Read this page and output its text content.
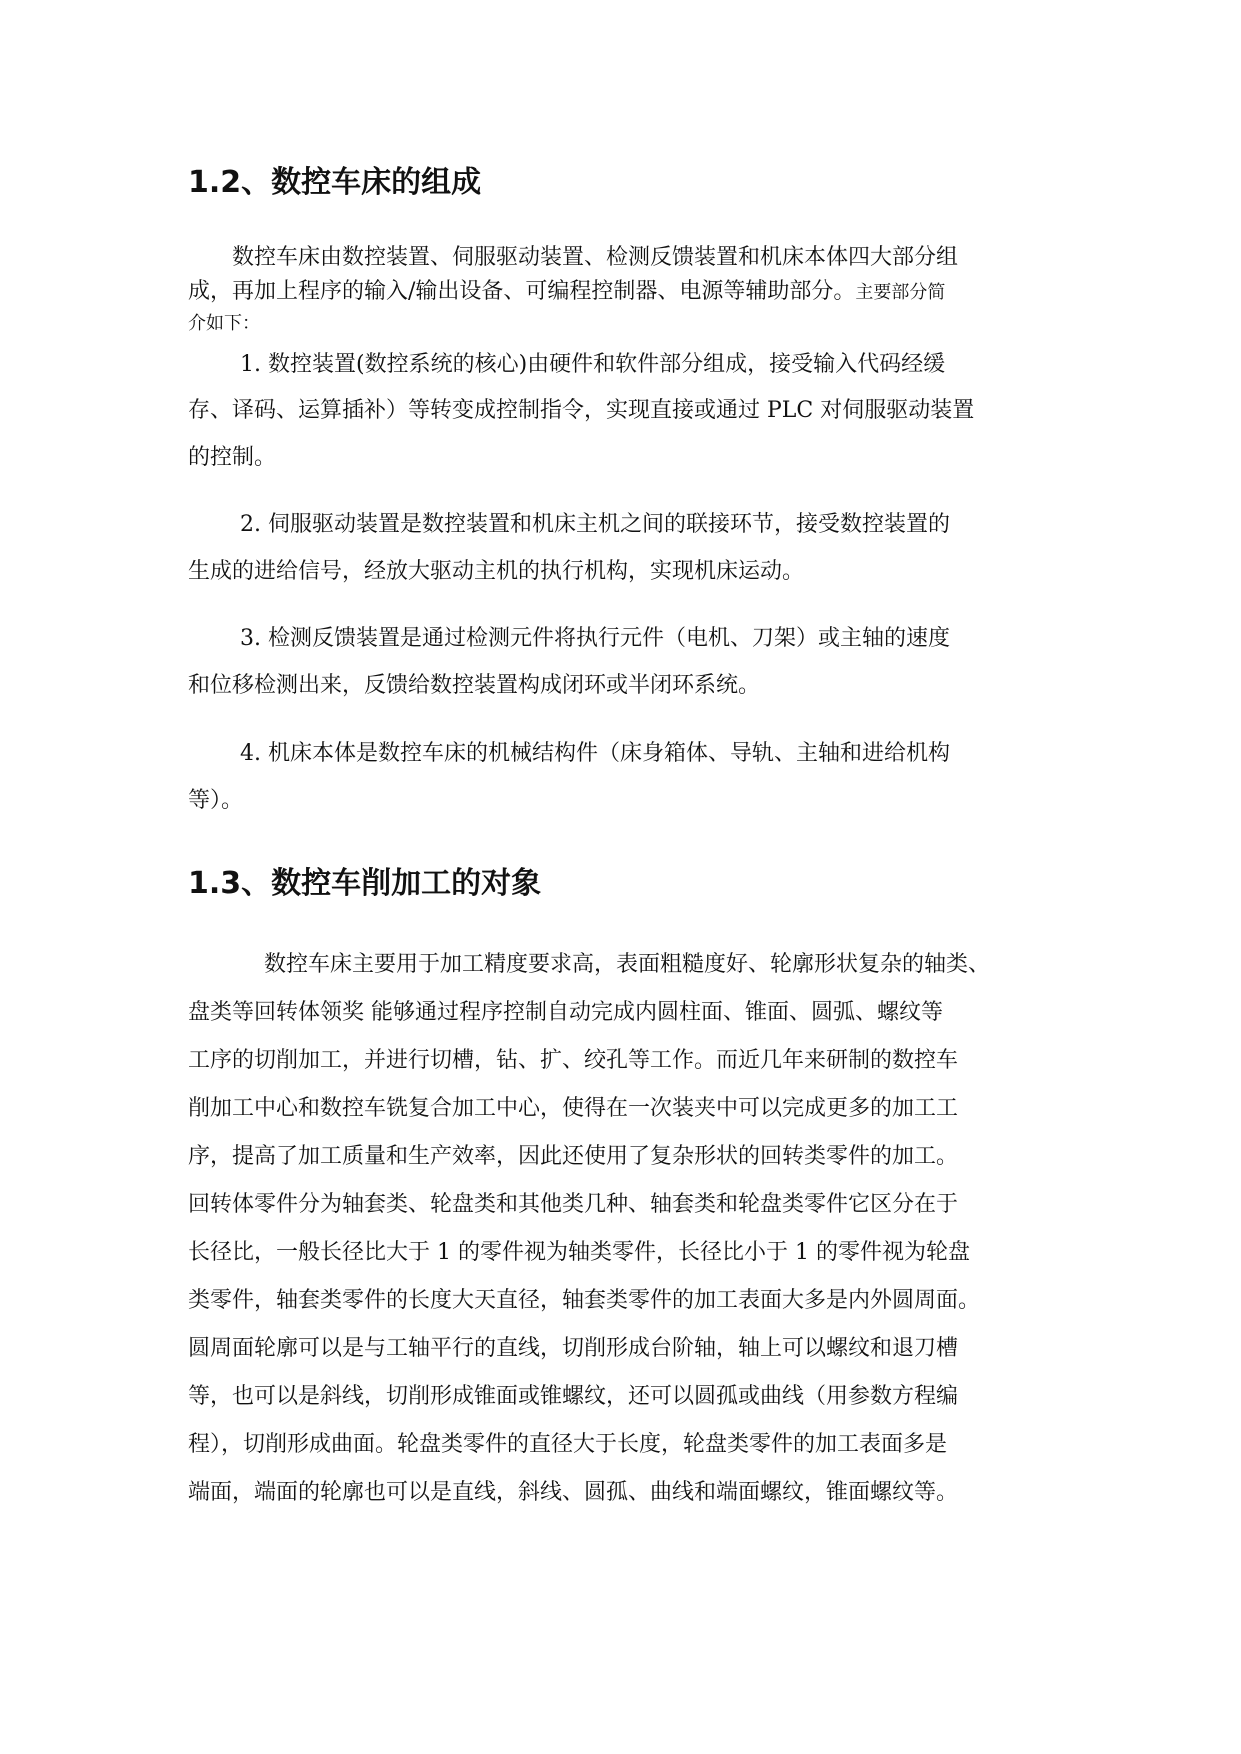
1.2、数控车床的组成

数控车床由数控装置、伺服驱动装置、检测反馈装置和机床本体四大部分组

成，再加上程序的输入/输出设备、可编程控制器、电源等辅助部分。主要部分简

介如下：

1. 数控装置(数控系统的核心)由硬件和软件部分组成，接受输入代码经缓

存、译码、运算插补）等转变成控制指令，实现直接或通过 PLC 对伺服驱动装置

的控制。

2. 伺服驱动装置是数控装置和机床主机之间的联接环节，接受数控装置的

生成的进给信号，经放大驱动主机的执行机构，实现机床运动。

3. 检测反馈装置是通过检测元件将执行元件（电机、刀架）或主轴的速度

和位移检测出来，反馈给数控装置构成闭环或半闭环系统。

4. 机床本体是数控车床的机械结构件（床身箱体、导轨、主轴和进给机构

等）。

1.3、数控车削加工的对象

数控车床主要用于加工精度要求高，表面粗糙度好、轮廓形状复杂的轴类、

盘类等回转体领奖 能够通过程序控制自动完成内圆柱面、锥面、圆弧、螺纹等

工序的切削加工，并进行切槽，钻、扩、绞孔等工作。而近几年来研制的数控车

削加工中心和数控车铣复合加工中心，使得在一次装夹中可以完成更多的加工工

序，提高了加工质量和生产效率，因此还使用了复杂形状的回转类零件的加工。

回转体零件分为轴套类、轮盘类和其他类几种、轴套类和轮盘类零件它区分在于

长径比，一般长径比大于 1 的零件视为轴类零件，长径比小于 1 的零件视为轮盘

类零件，轴套类零件的长度大天直径，轴套类零件的加工表面大多是内外圆周面。

圆周面轮廓可以是与工轴平行的直线，切削形成台阶轴，轴上可以螺纹和退刀槽

等，也可以是斜线，切削形成锥面或锥螺纹，还可以圆孤或曲线（用参数方程编

程），切削形成曲面。轮盘类零件的直径大于长度，轮盘类零件的加工表面多是

端面，端面的轮廓也可以是直线，斜线、圆孤、曲线和端面螺纹，锥面螺纹等。
